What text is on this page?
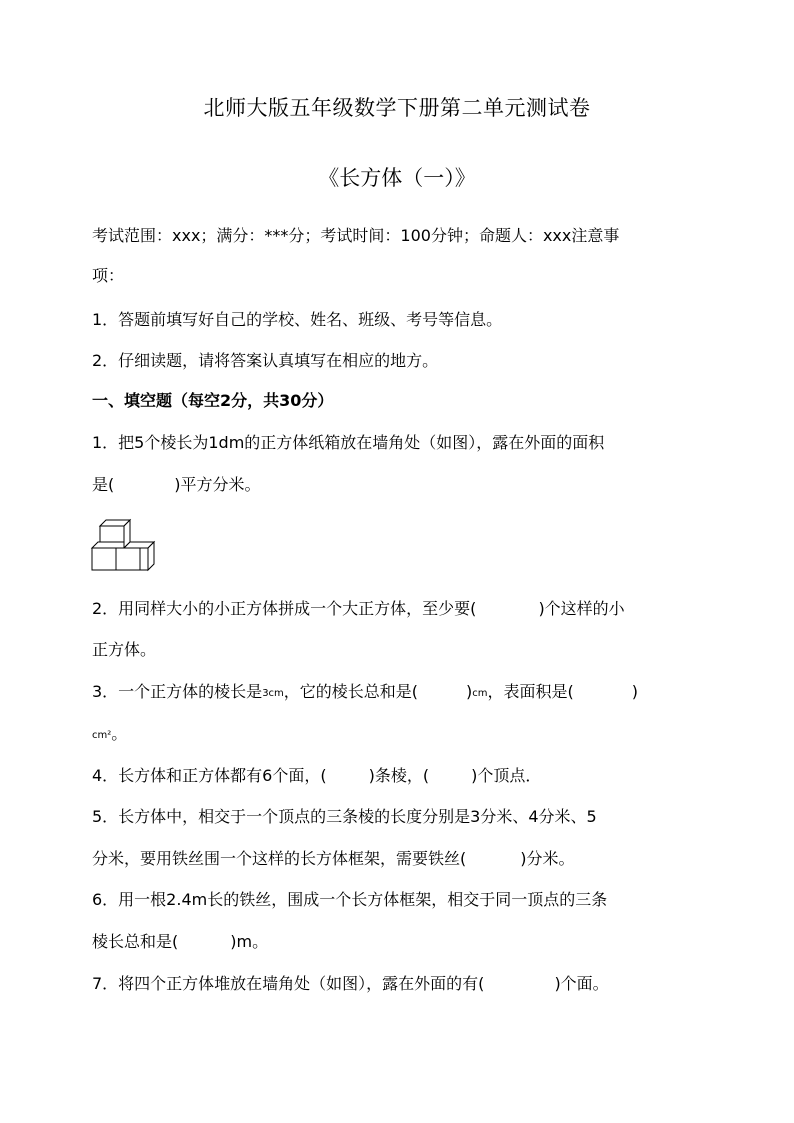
北师大版五年级数学下册第二单元测试卷
《长方体（一）》
考试范围：xxx；满分：***分；考试时间：100分钟；命题人：xxx注意事
项：
1．答题前填写好自己的学校、姓名、班级、考号等信息。
2．仔细读题，请将答案认真填写在相应的地方。
一、填空题（每空2分，共30分）
1．把5个棱长为1dm的正方体纸箱放在墙角处（如图），露在外面的面积
是(	)平方分米。
2．用同样大小的小正方体拼成一个大正方体，至少要(	)个这样的小
正方体。
3．一个正方体的棱长是3cm，它的棱长总和是(	)cm，表面积是(	)
cm²。
4．长方体和正方体都有6个面，(	)条棱，(	)个顶点．
5．长方体中，相交于一个顶点的三条棱的长度分别是3分米、4分米、5
分米，要用铁丝围一个这样的长方体框架，需要铁丝(	)分米。
6．用一根2.4m长的铁丝，围成一个长方体框架，相交于同一顶点的三条
棱长总和是(	)m。
7．将四个正方体堆放在墙角处（如图），露在外面的有(	)个面。
